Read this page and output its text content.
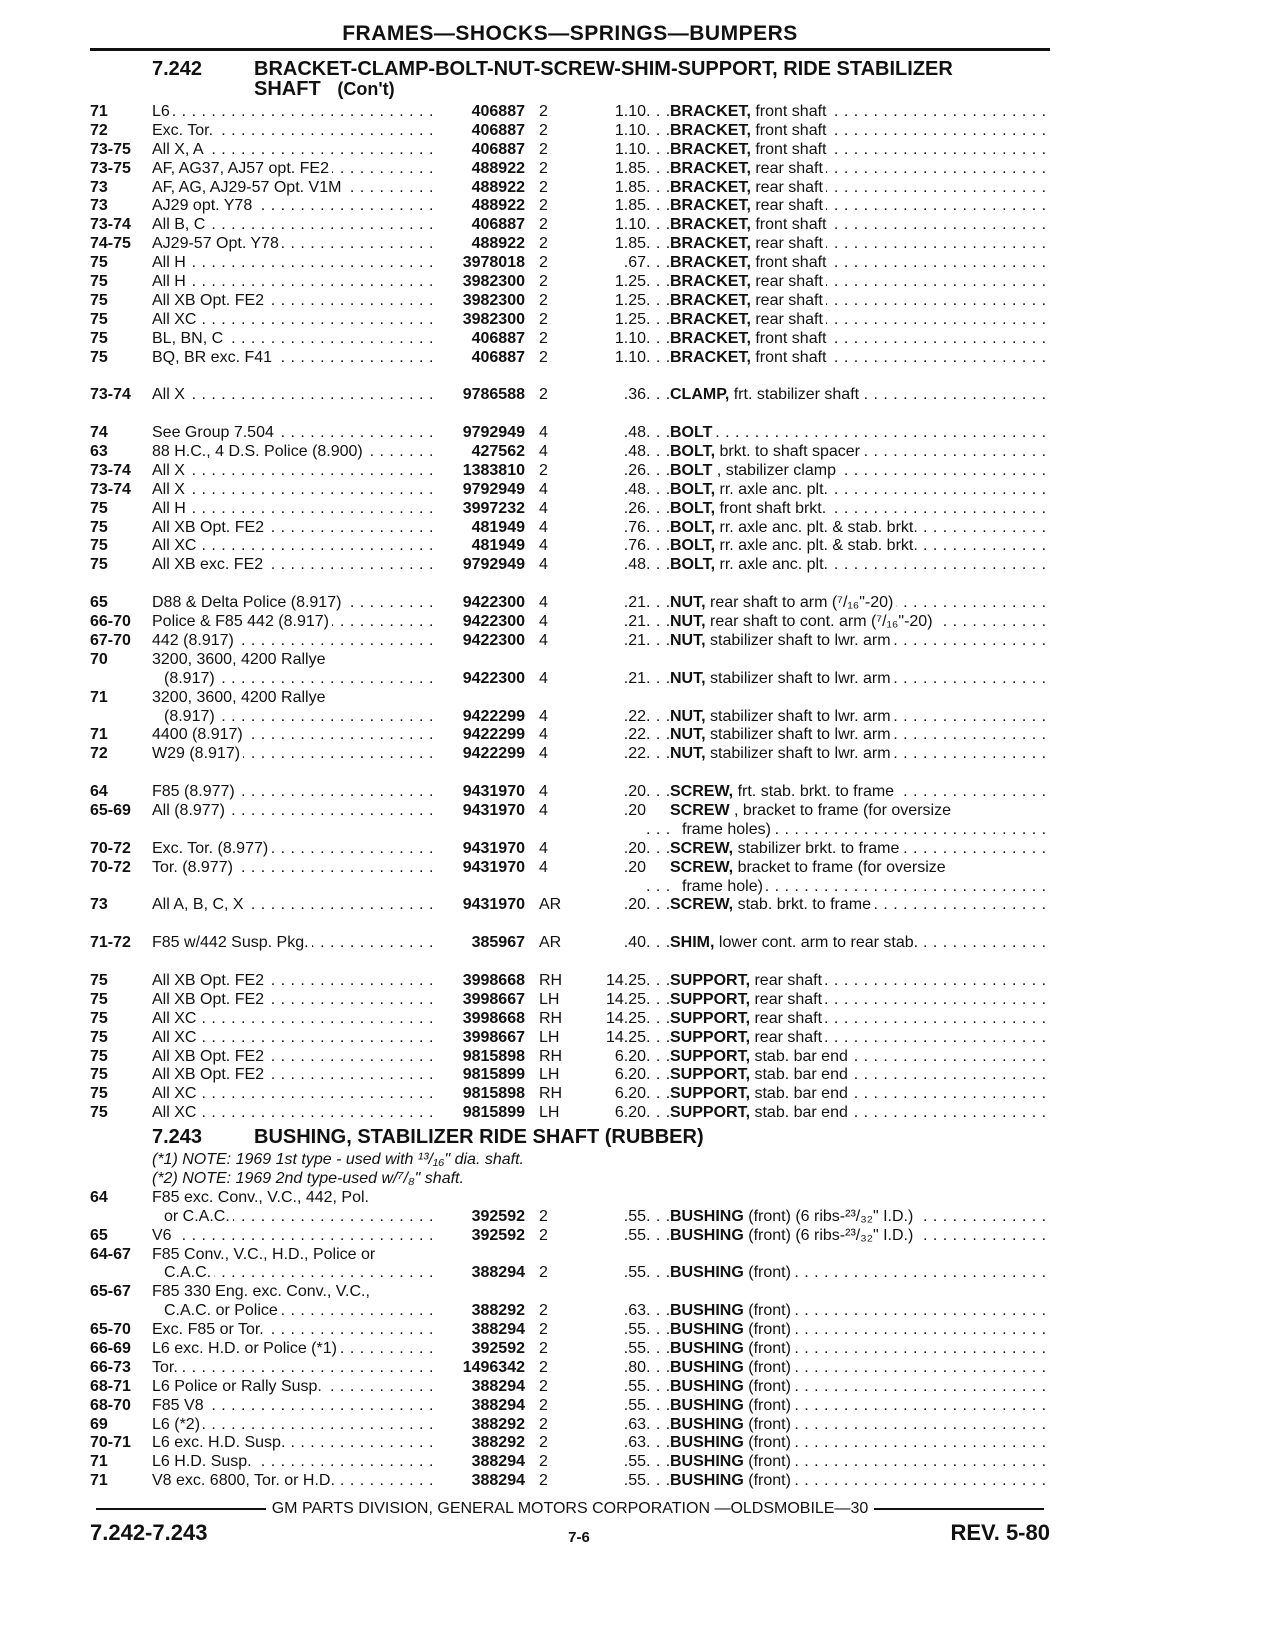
FRAMES—SHOCKS—SPRINGS—BUMPERS
7.242	BRACKET-CLAMP-BOLT-NUT-SCREW-SHIM-SUPPORT, RIDE STABILIZER
SHAFT (Con't)
71	L6 . . .	406887 2	1.10	BRACKET, front shaft . . .
72	Exc. Tor. . . .	406887 2	1.10	BRACKET, front shaft . . .
73-75	All X, A . . .	406887 2	1.10	BRACKET, front shaft . . .
73-75	AF, AG37, AJ57 opt. FE2 . . .	488922 2	1.85	BRACKET, rear shaft . . .
73	AF, AG, AJ29-57 Opt. V1M . . .	488922 2	1.85	BRACKET, rear shaft . . .
73	AJ29 opt. Y78 . . .	488922 2	1.85	BRACKET, rear shaft . . .
73-74	All B, C . . .	406887 2	1.10	BRACKET, front shaft . . .
74-75	AJ29-57 Opt. Y78 . . .	488922 2	1.85	BRACKET, rear shaft . . .
75	All H . . .	3978018 2	.67	BRACKET, front shaft . . .
75	All H . . .	3982300 2	1.25	BRACKET, rear shaft . . .
75	All XB Opt. FE2 . . .	3982300 2	1.25	BRACKET, rear shaft . . .
75	All XC . . .	3982300 2	1.25	BRACKET, rear shaft . . .
75	BL, BN, C . . .	406887 2	1.10	BRACKET, front shaft . . .
75	BQ, BR exc. F41 . . .	406887 2	1.10	BRACKET, front shaft . . .
73-74	All X . . .	9786588 2	.36	CLAMP, frt. stabilizer shaft . . .
74	See Group 7.504 . . .	9792949 4	.48	BOLT . . .
63	88 H.C., 4 D.S. Police (8.900) . . .	427562 4	.48	BOLT, brkt. to shaft spacer . . .
73-74	All X . . .	1383810 2	.26	BOLT , stabilizer clamp . . .
73-74	All X . . .	9792949 4	.48	BOLT, rr. axle anc. plt. . . .
75	All H . . .	3997232 4	.26	BOLT, front shaft brkt. . . .
75	All XB Opt. FE2 . . .	481949 4	.76	BOLT, rr. axle anc. plt. & stab. brkt. . . .
75	All XC . . .	481949 4	.76	BOLT, rr. axle anc. plt. & stab. brkt. . . .
75	All XB exc. FE2 . . .	9792949 4	.48	BOLT, rr. axle anc. plt. . . .
65	D88 & Delta Police (8.917) . . .	9422300 4	.21	NUT, rear shaft to arm (⁷/₁₆"-20) . . .
66-70	Police & F85 442 (8.917) . . .	9422300 4	.21	NUT, rear shaft to cont. arm (⁷/₁₆"-20) . . .
67-70	442 (8.917) . . .	9422300 4	.21	NUT, stabilizer shaft to lwr. arm . . .
70	3200, 3600, 4200 Rallye
(8.917) . . .	9422300 4	.21	NUT, stabilizer shaft to lwr. arm . . .
71	3200, 3600, 4200 Rallye
(8.917) . . .	9422299 4	.22	NUT, stabilizer shaft to lwr. arm . . .
71	4400 (8.917) . . .	9422299 4	.22	NUT, stabilizer shaft to lwr. arm . . .
72	W29 (8.917) . . .	9422299 4	.22	NUT, stabilizer shaft to lwr. arm . . .
64	F85 (8.977) . . .	9431970 4	.20	SCREW, frt. stab. brkt. to frame . . .
65-69	All (8.977) . . .	9431970 4	.20	SCREW , bracket to frame (for oversize
frame holes) . . .
70-72	Exc. Tor. (8.977) . . .	9431970 4	.20	SCREW, stabilizer brkt. to frame . . .
70-72	Tor. (8.977) . . .	9431970 4	.20	SCREW, bracket to frame (for oversize
frame hole) . . .
73	All A, B, C, X . . .	9431970 AR	.20	SCREW, stab. brkt. to frame . . .
71-72	F85 w/442 Susp. Pkg. . . .	385967 AR	.40	SHIM, lower cont. arm to rear stab. . . .
75	All XB Opt. FE2 . . .	3998668 RH	14.25	SUPPORT, rear shaft . . .
75	All XB Opt. FE2 . . .	3998667 LH	14.25	SUPPORT, rear shaft . . .
75	All XC . . .	3998668 RH	14.25	SUPPORT, rear shaft . . .
75	All XC . . .	3998667 LH	14.25	SUPPORT, rear shaft . . .
75	All XB Opt. FE2 . . .	9815898 RH	6.20	SUPPORT, stab. bar end . . .
75	All XB Opt. FE2 . . .	9815899 LH	6.20	SUPPORT, stab. bar end . . .
75	All XC . . .	9815898 RH	6.20	SUPPORT, stab. bar end . . .
75	All XC . . .	9815899 LH	6.20	SUPPORT, stab. bar end . . .
7.243	BUSHING, STABILIZER RIDE SHAFT (RUBBER)
(*1) NOTE: 1969 1st type - used with ¹³/₁₆" dia. shaft.
(*2) NOTE: 1969 2nd type-used w/⁷/₈" shaft.
64	F85 exc. Conv., V.C., 442, Pol.
or C.A.C. . . .	392592 2	.55	BUSHING (front) (6 ribs-²³/₃₂" I.D.) . . .
65	V6 . . .	392592 2	.55	BUSHING (front) (6 ribs-²³/₃₂" I.D.) . . .
64-67	F85 Conv., V.C., H.D., Police or
C.A.C. . . .	388294 2	.55	BUSHING (front) . . .
65-67	F85 330 Eng. exc. Conv., V.C.,
C.A.C. or Police . . .	388292 2	.63	BUSHING (front) . . .
65-70	Exc. F85 or Tor. . . .	388294 2	.55	BUSHING (front) . . .
66-69	L6 exc. H.D. or Police (*1) . . .	392592 2	.55	BUSHING (front) . . .
66-73	Tor. . . .	1496342 2	.80	BUSHING (front) . . .
68-71	L6 Police or Rally Susp. . . .	388294 2	.55	BUSHING (front) . . .
68-70	F85 V8 . . .	388294 2	.55	BUSHING (front) . . .
69	L6 (*2) . . .	388292 2	.63	BUSHING (front) . . .
70-71	L6 exc. H.D. Susp. . . .	388292 2	.63	BUSHING (front) . . .
71	L6 H.D. Susp. . . .	388294 2	.55	BUSHING (front) . . .
71	V8 exc. 6800, Tor. or H.D. . . .	388294 2	.55	BUSHING (front) . . .
GM PARTS DIVISION, GENERAL MOTORS CORPORATION —OLDSMOBILE—30
7.242-7.243	7-6	REV. 5-80
